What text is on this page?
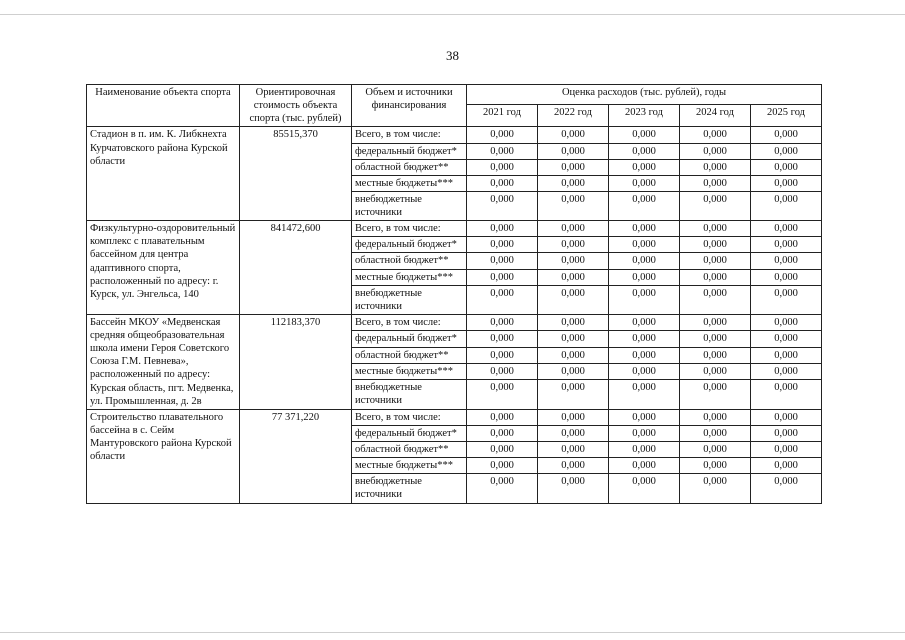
38
Наименование объекта спорта	Ориентировочная стоимость объекта спорта (тыс. рублей)	Объем и источники финансирования	Оценка расходов (тыс. рублей), годы				
			2021 год	2022 год	2023 год	2024 год	2025 год
Стадион в п. им. К. Либкнехта Курчатовского района Курской области	85515,370	Всего, в том числе:	0,000	0,000	0,000	0,000	0,000
		федеральный бюджет*	0,000	0,000	0,000	0,000	0,000
		областной бюджет**	0,000	0,000	0,000	0,000	0,000
		местные бюджеты***	0,000	0,000	0,000	0,000	0,000
		внебюджетные источники	0,000	0,000	0,000	0,000	0,000
Физкультурно-оздоровительный комплекс с плавательным бассейном для центра адаптивного спорта, расположенный по адресу: г. Курск, ул. Энгельса, 140	841472,600	Всего, в том числе:	0,000	0,000	0,000	0,000	0,000
		федеральный бюджет*	0,000	0,000	0,000	0,000	0,000
		областной бюджет**	0,000	0,000	0,000	0,000	0,000
		местные бюджеты***	0,000	0,000	0,000	0,000	0,000
		внебюджетные источники	0,000	0,000	0,000	0,000	0,000
Бассейн МКОУ «Медвенская средняя общеобразовательная школа имени Героя Советского Союза Г.М. Певнева», расположенный по адресу: Курская область, пгт. Медвенка, ул. Промышленная, д. 2в	112183,370	Всего, в том числе:	0,000	0,000	0,000	0,000	0,000
		федеральный бюджет*	0,000	0,000	0,000	0,000	0,000
		областной бюджет**	0,000	0,000	0,000	0,000	0,000
		местные бюджеты***	0,000	0,000	0,000	0,000	0,000
		внебюджетные источники	0,000	0,000	0,000	0,000	0,000
Строительство плавательного бассейна в с. Сейм Мантуровского района Курской области	77 371,220	Всего, в том числе:	0,000	0,000	0,000	0,000	0,000
		федеральный бюджет*	0,000	0,000	0,000	0,000	0,000
		областной бюджет**	0,000	0,000	0,000	0,000	0,000
		местные бюджеты***	0,000	0,000	0,000	0,000	0,000
		внебюджетные источники	0,000	0,000	0,000	0,000	0,000
